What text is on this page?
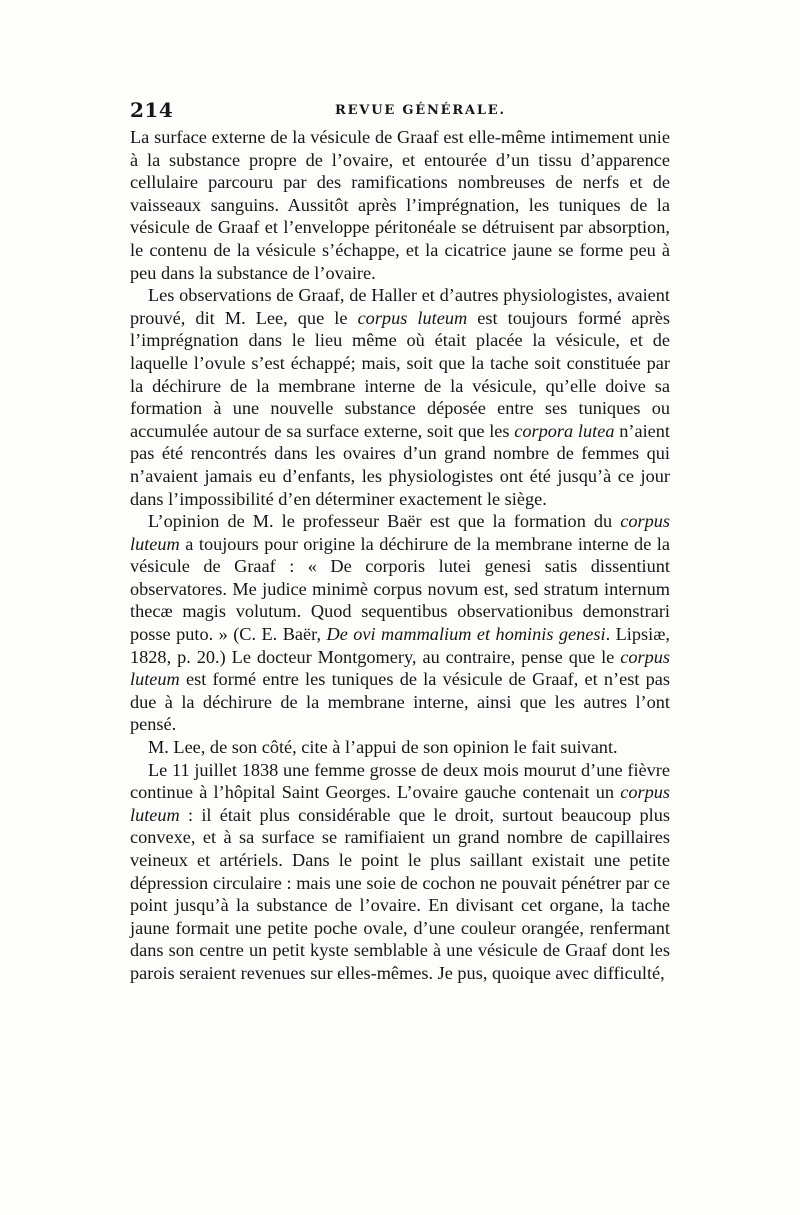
214	REVUE GÉNÉRALE.

La surface externe de la vésicule de Graaf est elle-même intimement unie à la substance propre de l’ovaire, et entourée d’un tissu d’apparence cellulaire parcouru par des ramifications nombreuses de nerfs et de vaisseaux sanguins. Aussitôt après l’imprégnation, les tuniques de la vésicule de Graaf et l’enveloppe péritonéale se détruisent par absorption, le contenu de la vésicule s’échappe, et la cicatrice jaune se forme peu à peu dans la substance de l’ovaire.

Les observations de Graaf, de Haller et d’autres physiologistes, avaient prouvé, dit M. Lee, que le corpus luteum est toujours formé après l’imprégnation dans le lieu même où était placée la vésicule, et de laquelle l’ovule s’est échappé; mais, soit que la tache soit constituée par la déchirure de la membrane interne de la vésicule, qu’elle doive sa formation à une nouvelle substance déposée entre ses tuniques ou accumulée autour de sa surface externe, soit que les corpora lutea n’aient pas été rencontrés dans les ovaires d’un grand nombre de femmes qui n’avaient jamais eu d’enfants, les physiologistes ont été jusqu’à ce jour dans l’impossibilité d’en déterminer exactement le siège.

L’opinion de M. le professeur Baër est que la formation du corpus luteum a toujours pour origine la déchirure de la membrane interne de la vésicule de Graaf : « De corporis lutei genesi satis dissentiunt observatores. Me judice minimè corpus novum est, sed stratum internum thecæ magis volutum. Quod sequentibus observationibus demonstrari posse puto. » (C. E. Baër, De ovi mammalium et hominis genesi. Lipsiæ, 1828, p. 20.) Le docteur Montgomery, au contraire, pense que le corpus luteum est formé entre les tuniques de la vésicule de Graaf, et n’est pas due à la déchirure de la membrane interne, ainsi que les autres l’ont pensé.

M. Lee, de son côté, cite à l’appui de son opinion le fait suivant.

Le 11 juillet 1838 une femme grosse de deux mois mourut d’une fièvre continue à l’hôpital Saint Georges. L’ovaire gauche contenait un corpus luteum : il était plus considérable que le droit, surtout beaucoup plus convexe, et à sa surface se ramifiaient un grand nombre de capillaires veineux et artériels. Dans le point le plus saillant existait une petite dépression circulaire : mais une soie de cochon ne pouvait pénétrer par ce point jusqu’à la substance de l’ovaire. En divisant cet organe, la tache jaune formait une petite poche ovale, d’une couleur orangée, renfermant dans son centre un petit kyste semblable à une vésicule de Graaf dont les parois seraient revenues sur elles-mêmes. Je pus, quoique avec difficulté,
